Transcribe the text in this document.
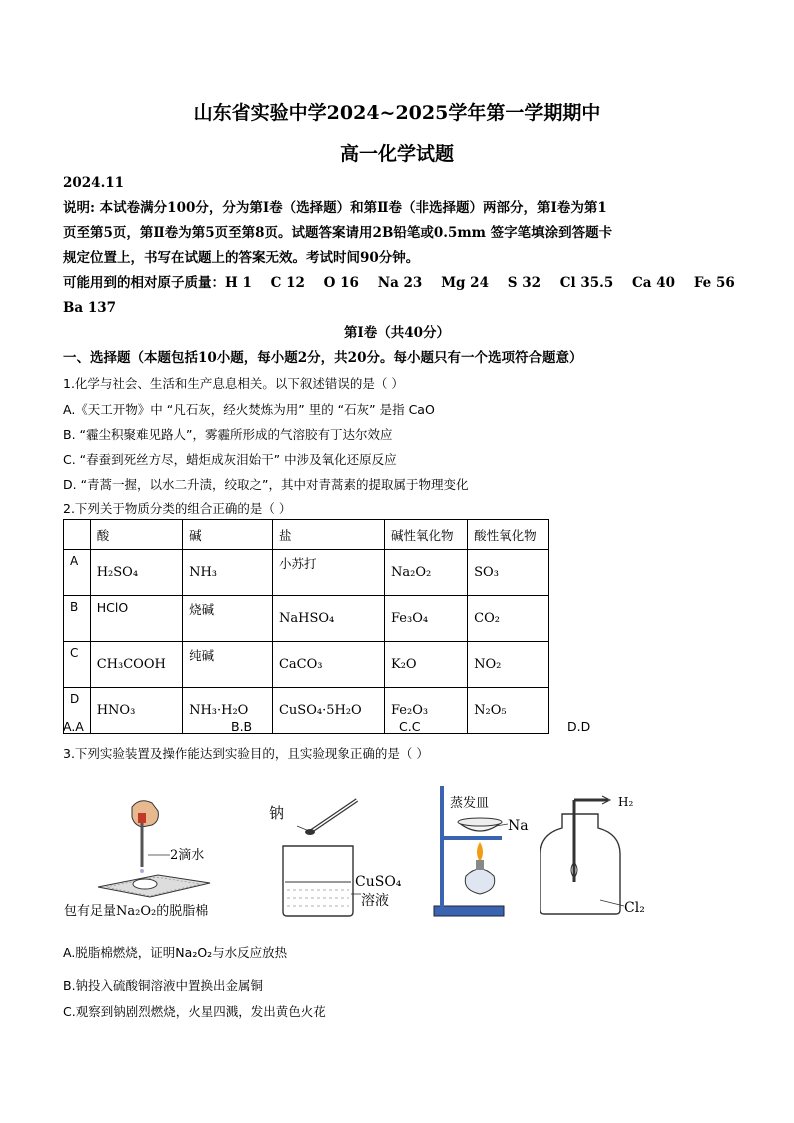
山东省实验中学2024~2025学年第一学期期中
高一化学试题
2024.11
说明: 本试卷满分100分，分为第Ⅰ卷（选择题）和第Ⅱ卷（非选择题）两部分，第Ⅰ卷为第1
页至第5页，第Ⅱ卷为第5页至第8页。试题答案请用2B铅笔或0.5mm 签字笔填涂到答题卡
规定位置上，书写在试题上的答案无效。考试时间90分钟。
可能用到的相对原子质量：H 1    C 12    O 16    Na 23    Mg 24    S 32    Cl 35.5    Ca 40    Fe 56
Ba 137
第Ⅰ卷（共40分）
一、选择题（本题包括10小题，每小题2分，共20分。每小题只有一个选项符合题意）
1.化学与社会、生活和生产息息相关。以下叙述错误的是（ ）
A.《天工开物》中 “凡石灰，经火焚炼为用” 里的 “石灰” 是指 CaO
B. “霾尘积聚难见路人”，雾霾所形成的气溶胶有丁达尔效应
C. “春蚕到死丝方尽，蜡炬成灰泪始干” 中涉及氧化还原反应
D. “青蒿一握，以水二升渍，绞取之”，其中对青蒿素的提取属于物理变化
2.下列关于物质分类的组合正确的是（ ）
	酸	碱	盐	碱性氧化物	酸性氧化物
A	H₂SO₄	NH₃	小苏打	Na₂O₂	SO₃
B	HClO	烧碱	NaHSO₄	Fe₃O₄	CO₂
C	CH₃COOH	纯碱	CaCO₃	K₂O	NO₂
D	HNO₃	NH₃·H₂O	CuSO₄·5H₂O	Fe₂O₃	N₂O₅
A.A	B.B	C.C	D.D
3.下列实验装置及操作能达到实验目的，且实验现象正确的是（ ）
2滴水
包有足量Na₂O₂的脱脂棉
钠
CuSO₄
溶液
蒸发皿
Na
H₂
Cl₂
A.脱脂棉燃烧，证明Na₂O₂与水反应放热
B.钠投入硫酸铜溶液中置换出金属铜
C.观察到钠剧烈燃烧，火星四溅，发出黄色火花
